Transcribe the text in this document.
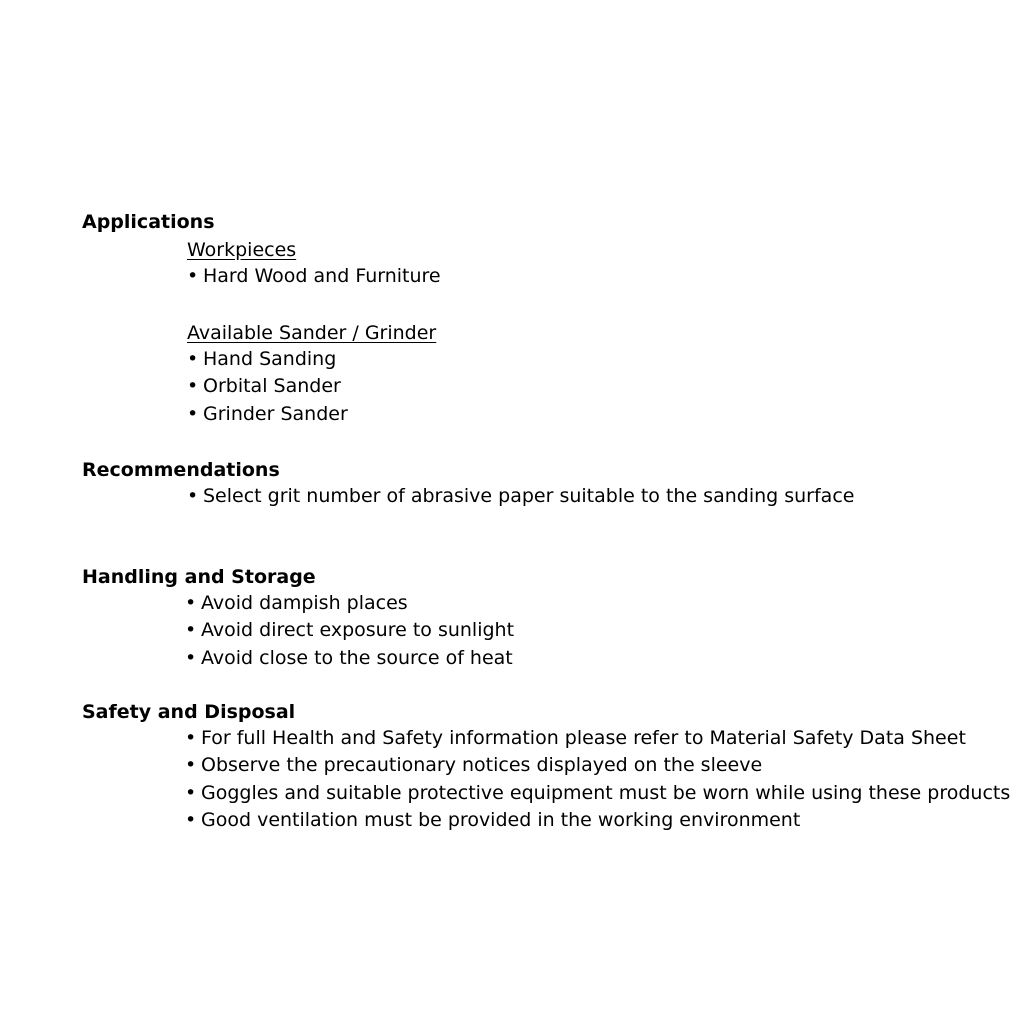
Applications
Workpieces
• Hard Wood and Furniture
Available Sander / Grinder
• Hand Sanding
• Orbital Sander
• Grinder Sander
Recommendations
• Select grit number of abrasive paper suitable to the sanding surface
Handling and Storage
• Avoid dampish places
• Avoid direct exposure to sunlight
• Avoid close to the source of heat
Safety and Disposal
• For full Health and Safety information please refer to Material Safety Data Sheet
• Observe the precautionary notices displayed on the sleeve
• Goggles and suitable protective equipment must be worn while using these products
• Good ventilation must be provided in the working environment
